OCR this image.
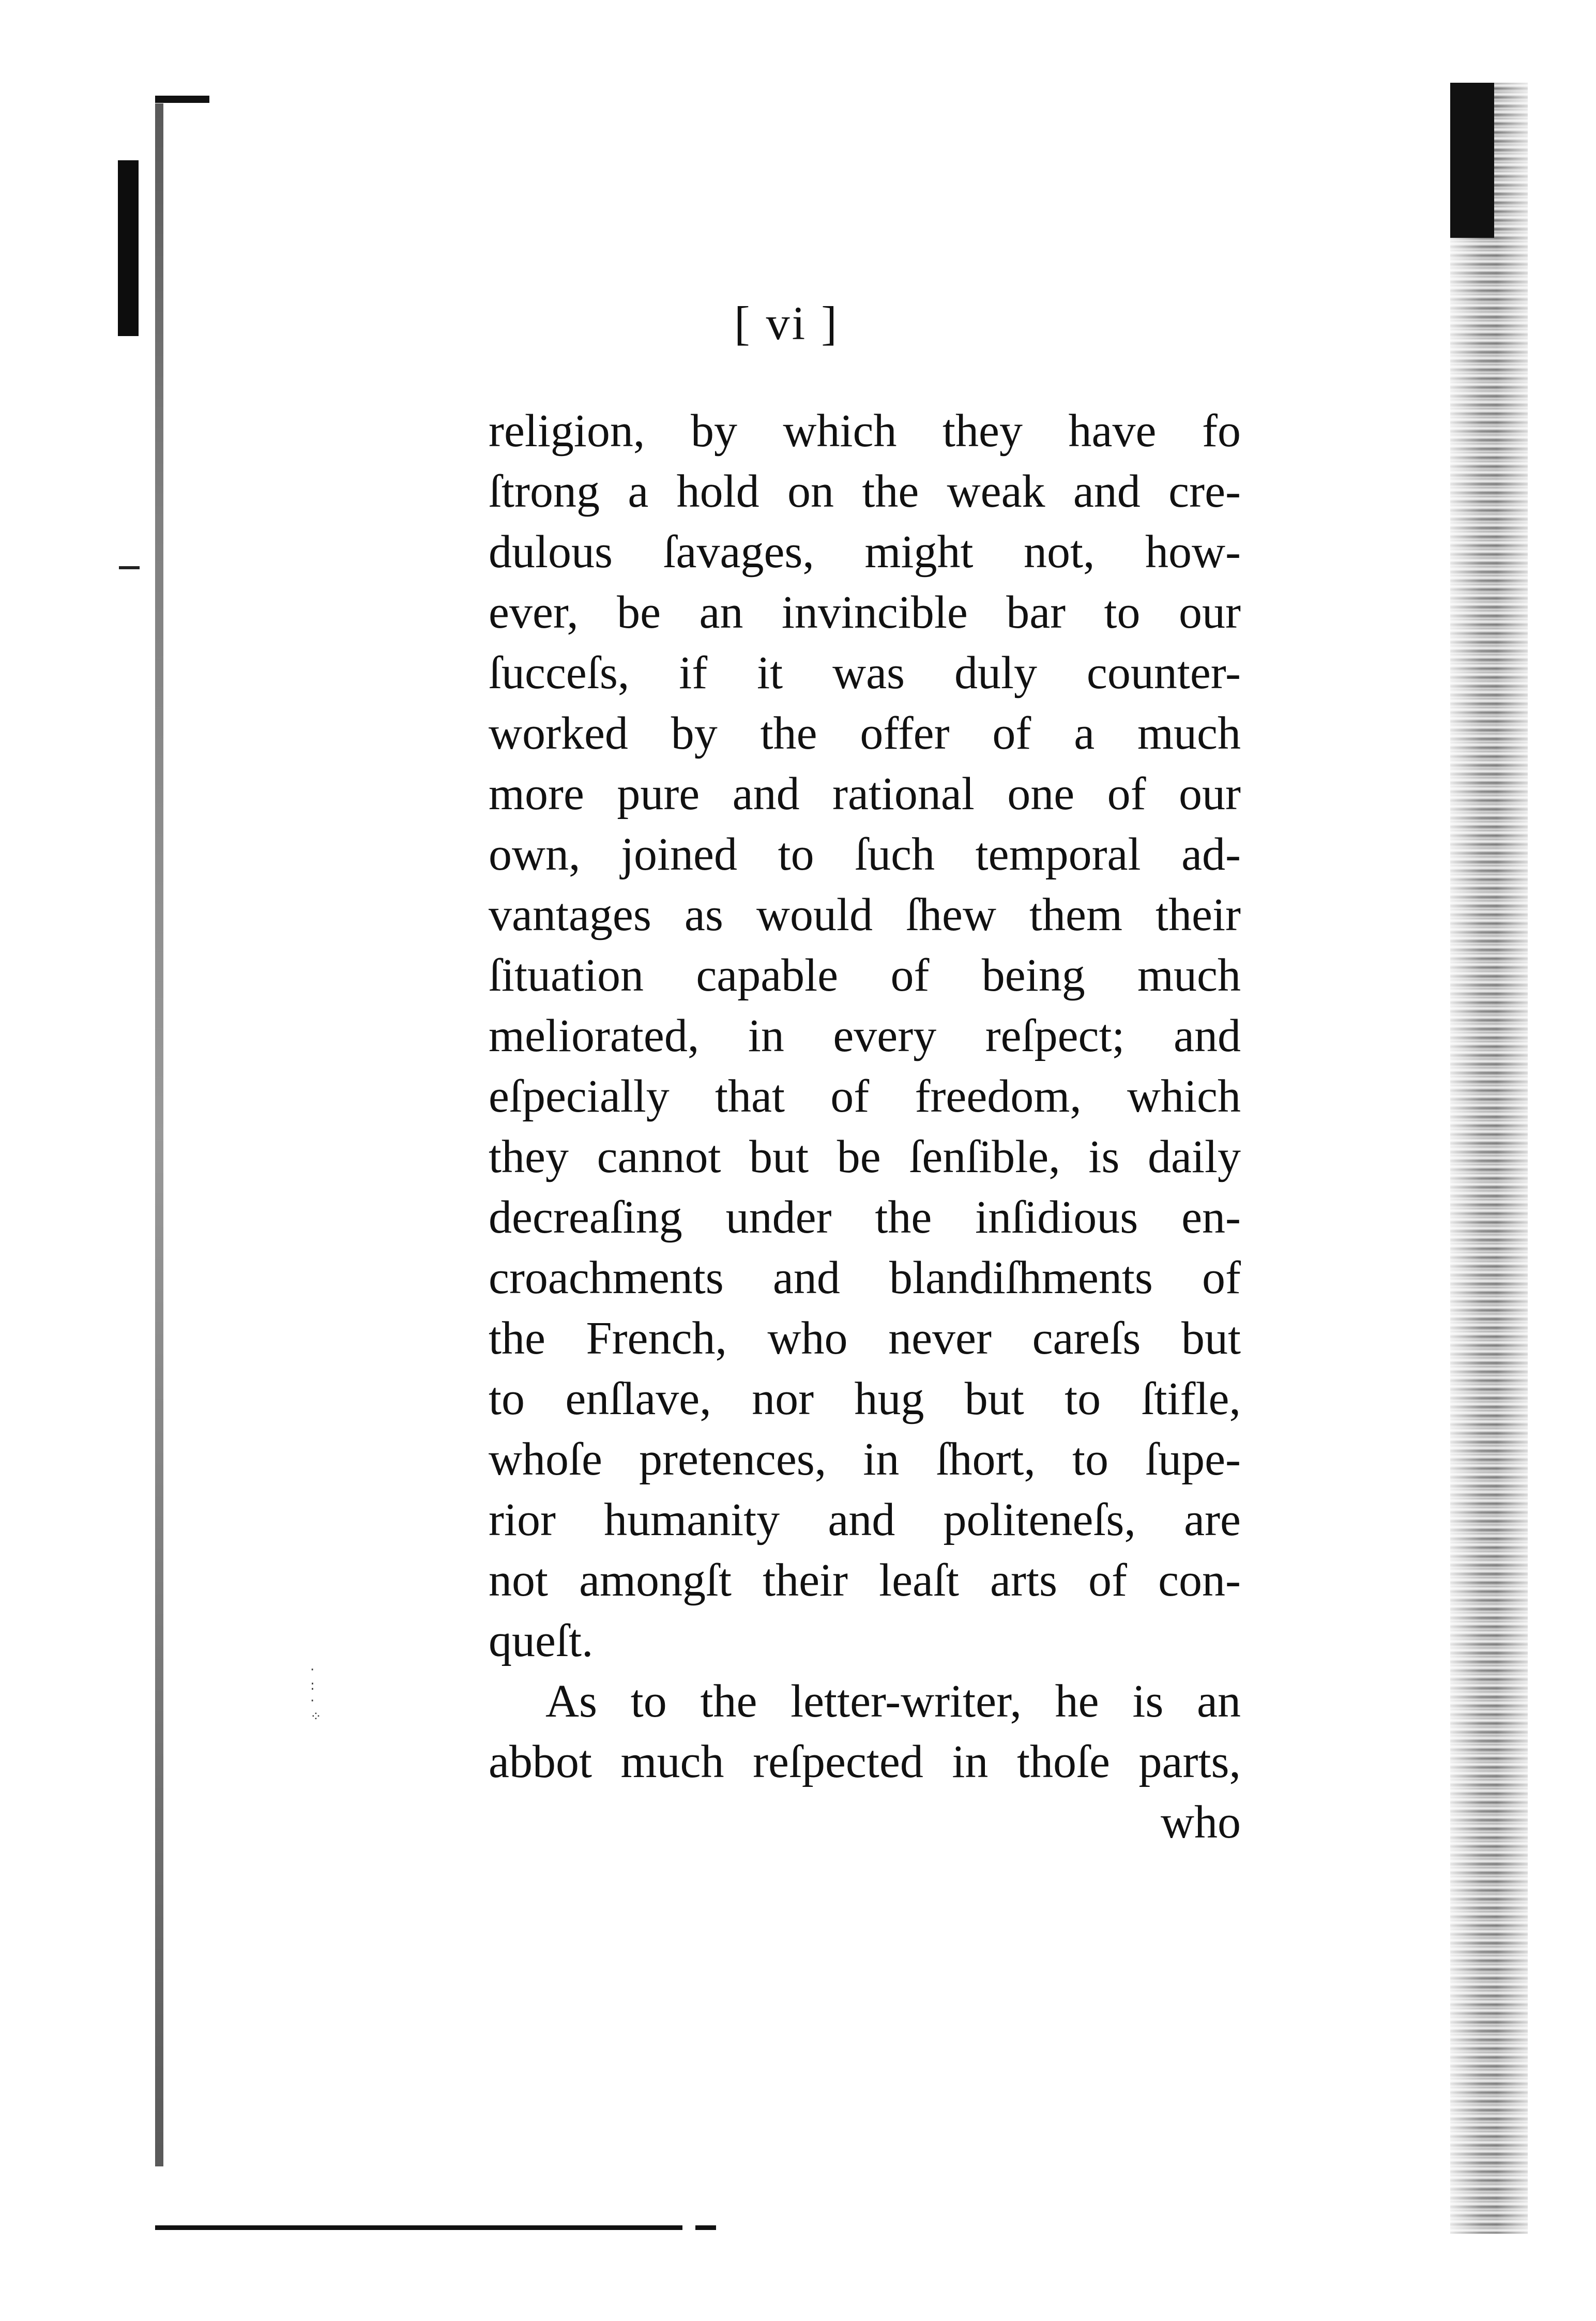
·
:
·
⁘
[ vi ]
religion, by which they have fo
ſtrong a hold on the weak and cre-
dulous ſavages, might not, how-
ever, be an invincible bar to our
ſucceſs, if it was duly counter-
worked by the offer of a much
more pure and rational one of our
own, joined to ſuch temporal ad-
vantages as would ſhew them their
ſituation capable of being much
meliorated, in every reſpect; and
eſpecially that of freedom, which
they cannot but be ſenſible, is daily
decreaſing under the inſidious en-
croachments and blandiſhments of
the French, who never careſs but
to enſlave, nor hug but to ſtifle,
whoſe pretences, in ſhort, to ſupe-
rior humanity and politeneſs, are
not amongſt their leaſt arts of con-
queſt.
As to the letter-writer, he is an
abbot much reſpected in thoſe parts,
who
